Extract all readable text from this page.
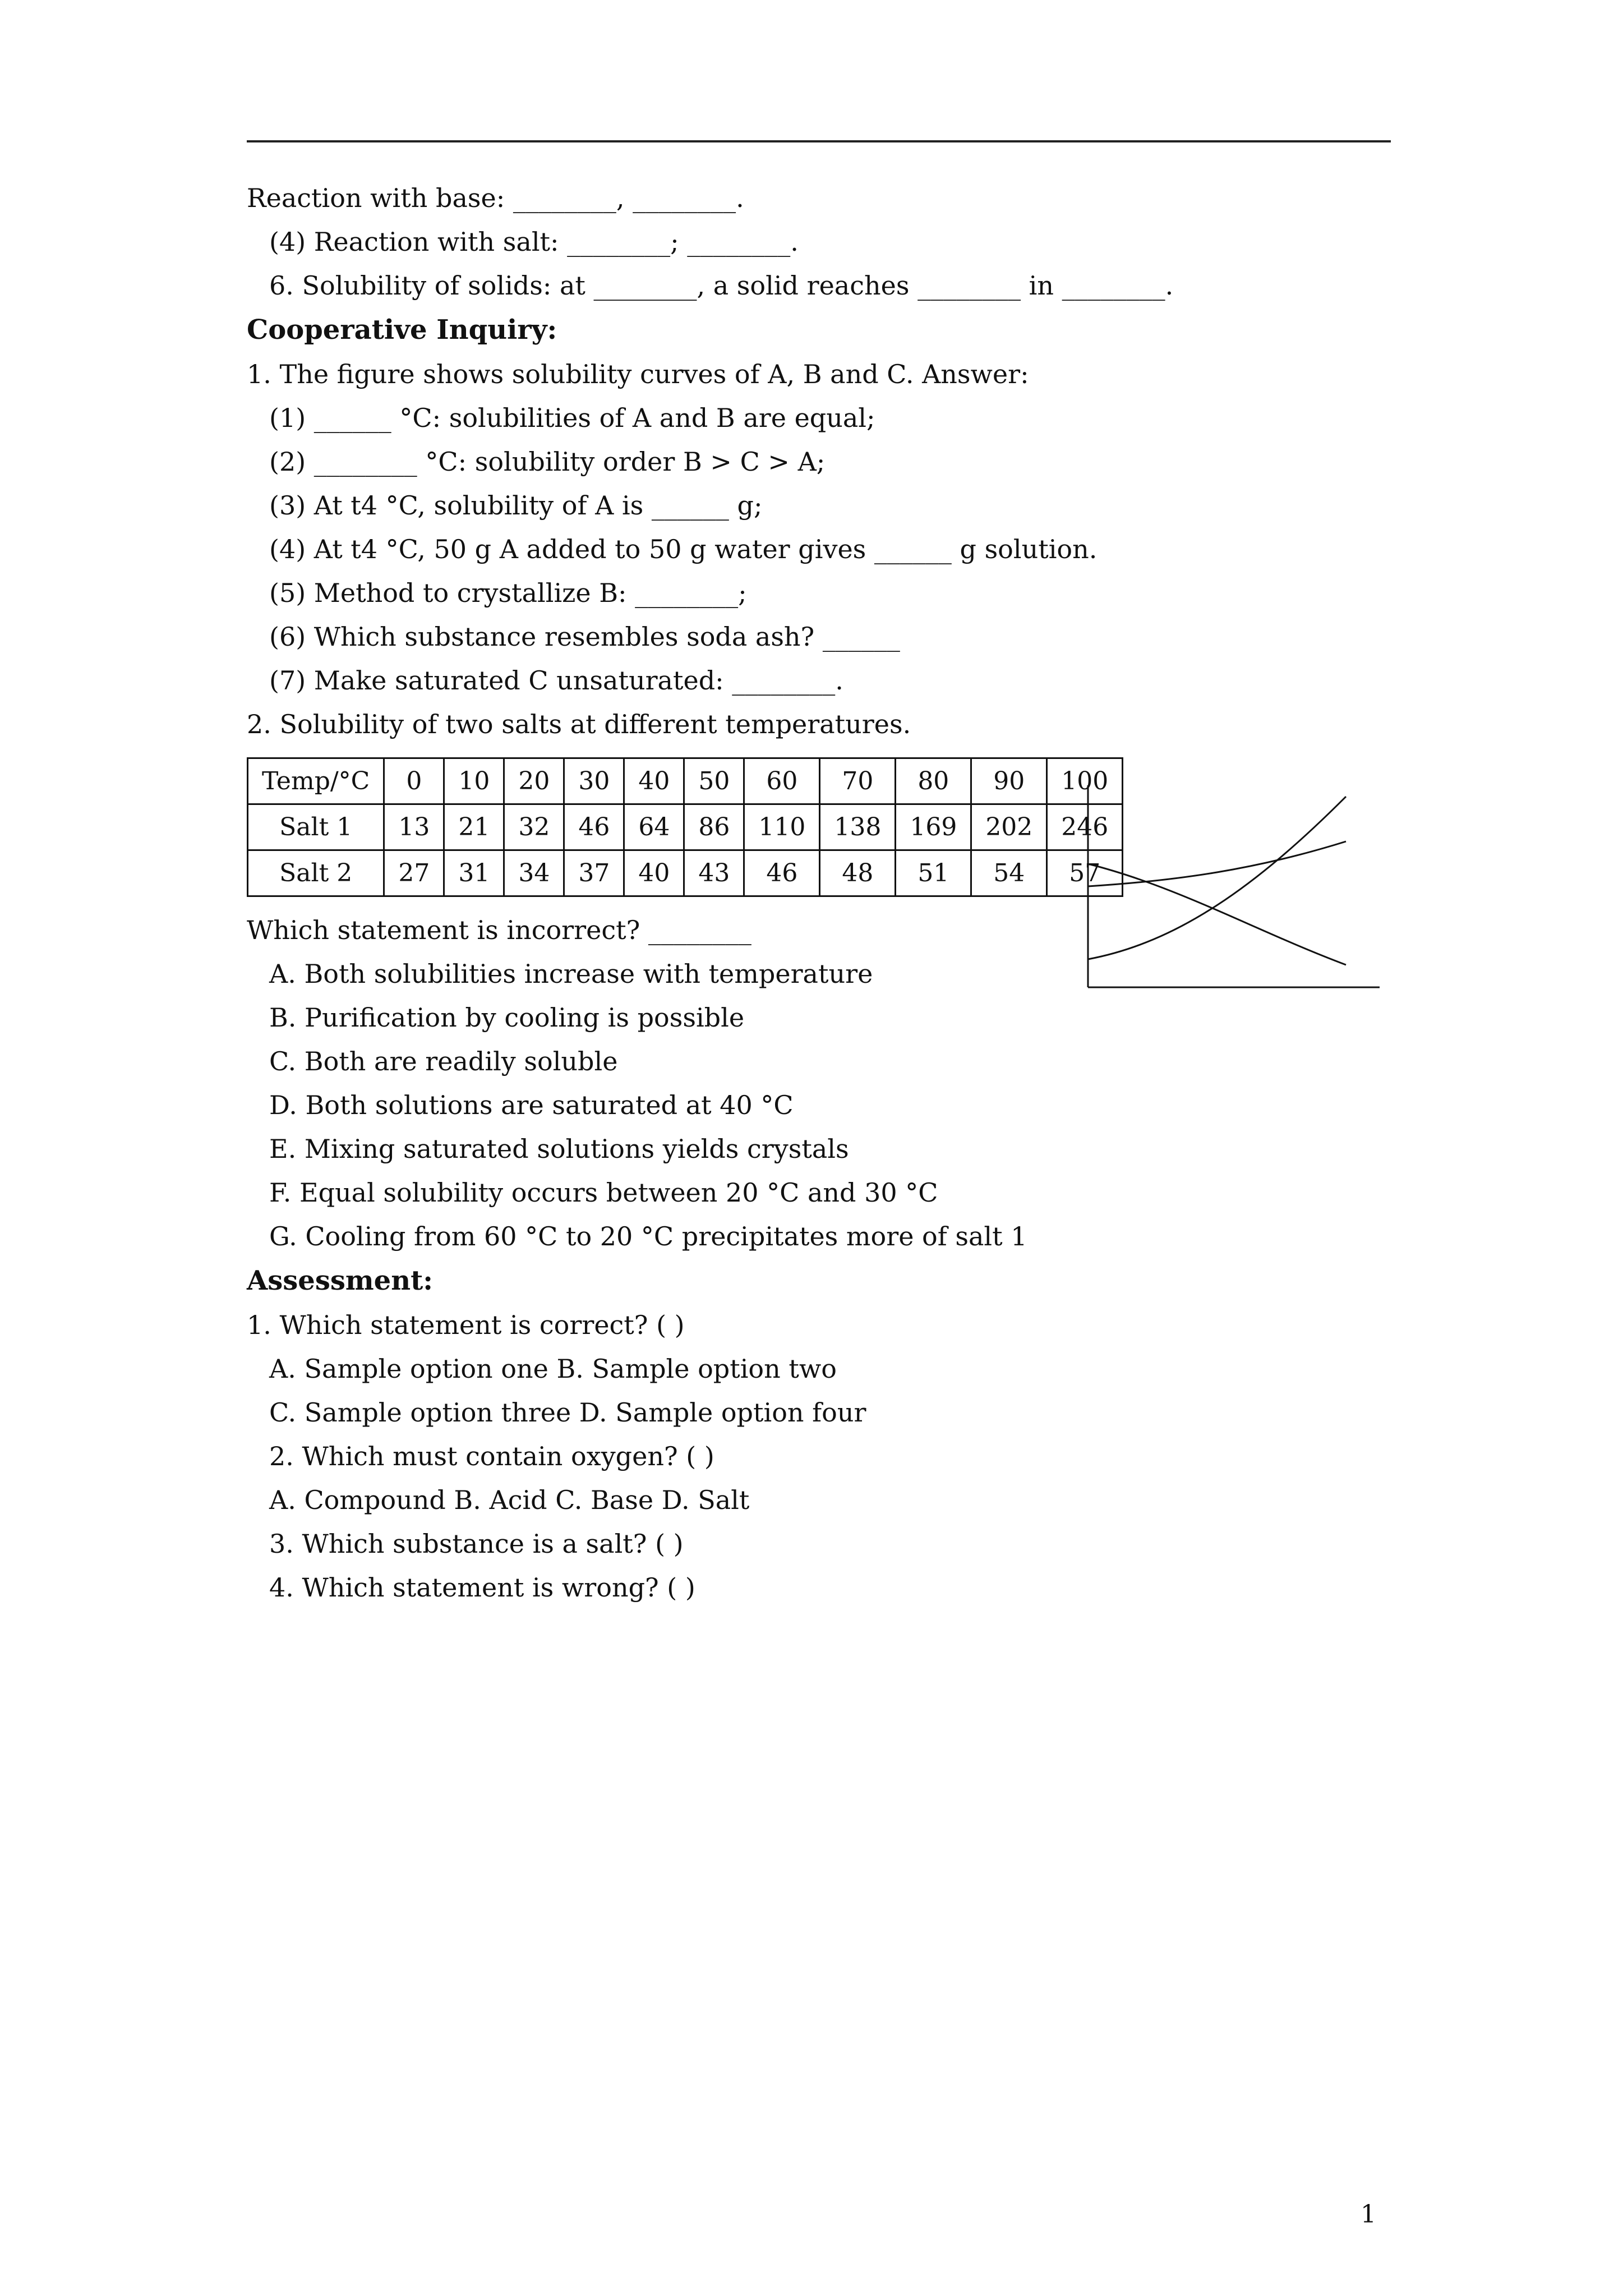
Reaction with base: ________, ________.
(4) Reaction with salt: ________; ________.
6. Solubility of solids: at ________, a solid reaches ________ in ________.
Cooperative Inquiry:
1. The figure shows solubility curves of A, B and C. Answer:
(1) ______ °C: solubilities of A and B are equal;
(2) ________ °C: solubility order B > C > A;
(3) At t4 °C, solubility of A is ______ g;
(4) At t4 °C, 50 g A added to 50 g water gives ______ g solution.
(5) Method to crystallize B: ________;
(6) Which substance resembles soda ash? ______
(7) Make saturated C unsaturated: ________.
2. Solubility of two salts at different temperatures.
Temp/°C	0	10	20	30	40	50	60	70	80	90	100
Salt 1	13	21	32	46	64	86	110	138	169	202	246
Salt 2	27	31	34	37	40	43	46	48	51	54	57
Which statement is incorrect? ________
A. Both solubilities increase with temperature
B. Purification by cooling is possible
C. Both are readily soluble
D. Both solutions are saturated at 40 °C
E. Mixing saturated solutions yields crystals
F. Equal solubility occurs between 20 °C and 30 °C
G. Cooling from 60 °C to 20 °C precipitates more of salt 1
Assessment:
1. Which statement is correct? ( )
A. Sample option one B. Sample option two
C. Sample option three D. Sample option four
2. Which must contain oxygen? ( )
A. Compound B. Acid C. Base D. Salt
3. Which substance is a salt? ( )
4. Which statement is wrong? ( )
1
